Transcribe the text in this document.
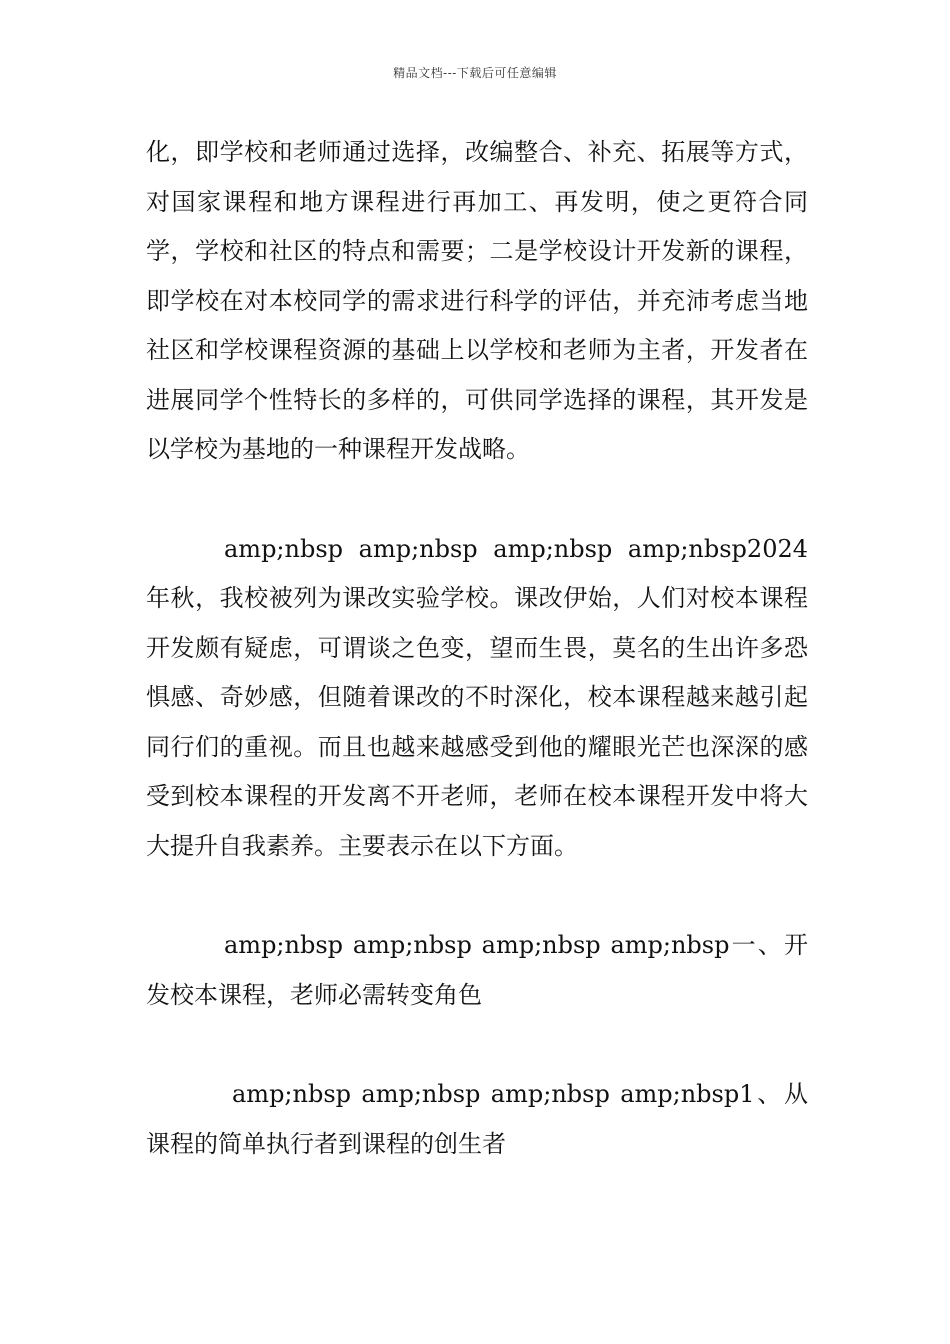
精品文档---下载后可任意编辑

化，即学校和老师通过选择，改编整合、补充、拓展等方式，对国家课程和地方课程进行再加工、再发明，使之更符合同学，学校和社区的特点和需要；二是学校设计开发新的课程，即学校在对本校同学的需求进行科学的评估，并充沛考虑当地社区和学校课程资源的基础上以学校和老师为主者，开发者在进展同学个性特长的多样的，可供同学选择的课程，其开发是以学校为基地的一种课程开发战略。

amp;nbsp amp;nbsp amp;nbsp amp;nbsp2024年秋，我校被列为课改实验学校。课改伊始，人们对校本课程开发颇有疑虑，可谓谈之色变，望而生畏，莫名的生出许多恐惧感、奇妙感，但随着课改的不时深化，校本课程越来越引起同行们的重视。而且也越来越感受到他的耀眼光芒也深深的感受到校本课程的开发离不开老师，老师在校本课程开发中将大大提升自我素养。主要表示在以下方面。

amp;nbsp amp;nbsp amp;nbsp amp;nbsp一、开发校本课程，老师必需转变角色

amp;nbsp amp;nbsp amp;nbsp amp;nbsp1、从课程的简单执行者到课程的创生者
